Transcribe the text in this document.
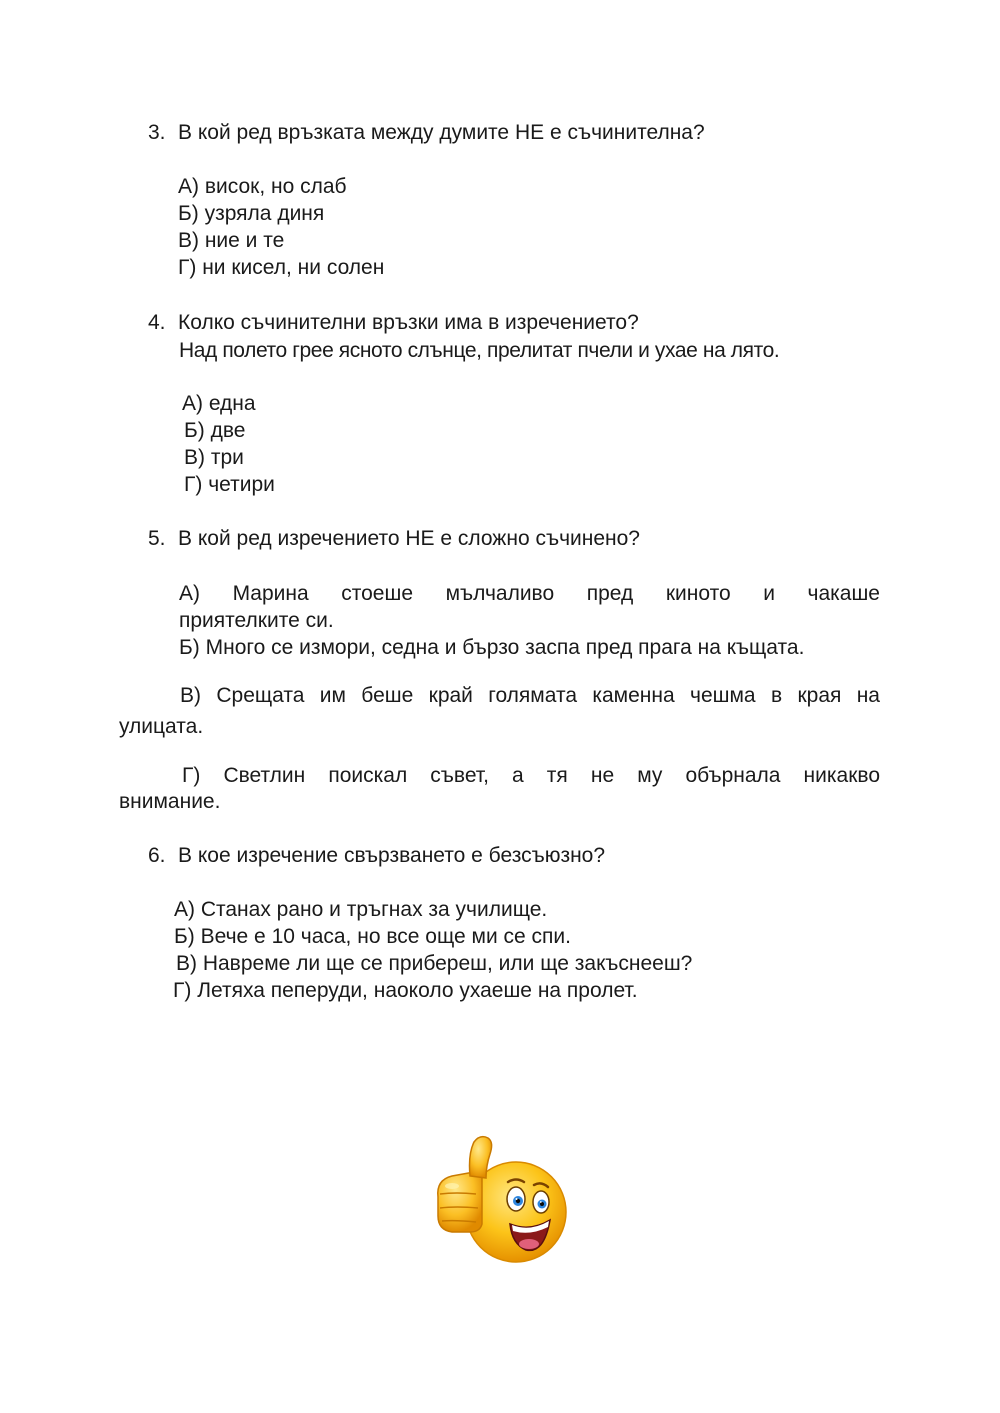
3. В кой ред връзката между думите НЕ е съчинителна?
А) висок, но слаб
Б) узряла диня
В) ние и те
Г) ни кисел, ни солен
4. Колко съчинителни връзки има в изречението?
Над полето грее ясното слънце, прелитат пчели и ухае на лято.
А) една
Б) две
В) три
Г) четири
5. В кой ред изречението НЕ е сложно съчинено?
А) Марина стоеше мълчаливо пред киното и чакаше
приятелките си.
Б) Много се измори, седна и бързо заспа пред прага на къщата.
В) Срещата им беше край голямата каменна чешма в края на
улицата.
Г) Светлин поискал съвет, а тя не му обърнала никакво
внимание.
6. В кое изречение свързването е безсъюзно?
А) Станах рано и тръгнах за училище.
Б) Вече е 10 часа, но все още ми се спи.
В) Навреме ли ще се прибереш, или ще закъснееш?
Г) Летяха пеперуди, наоколо ухаеше на пролет.
